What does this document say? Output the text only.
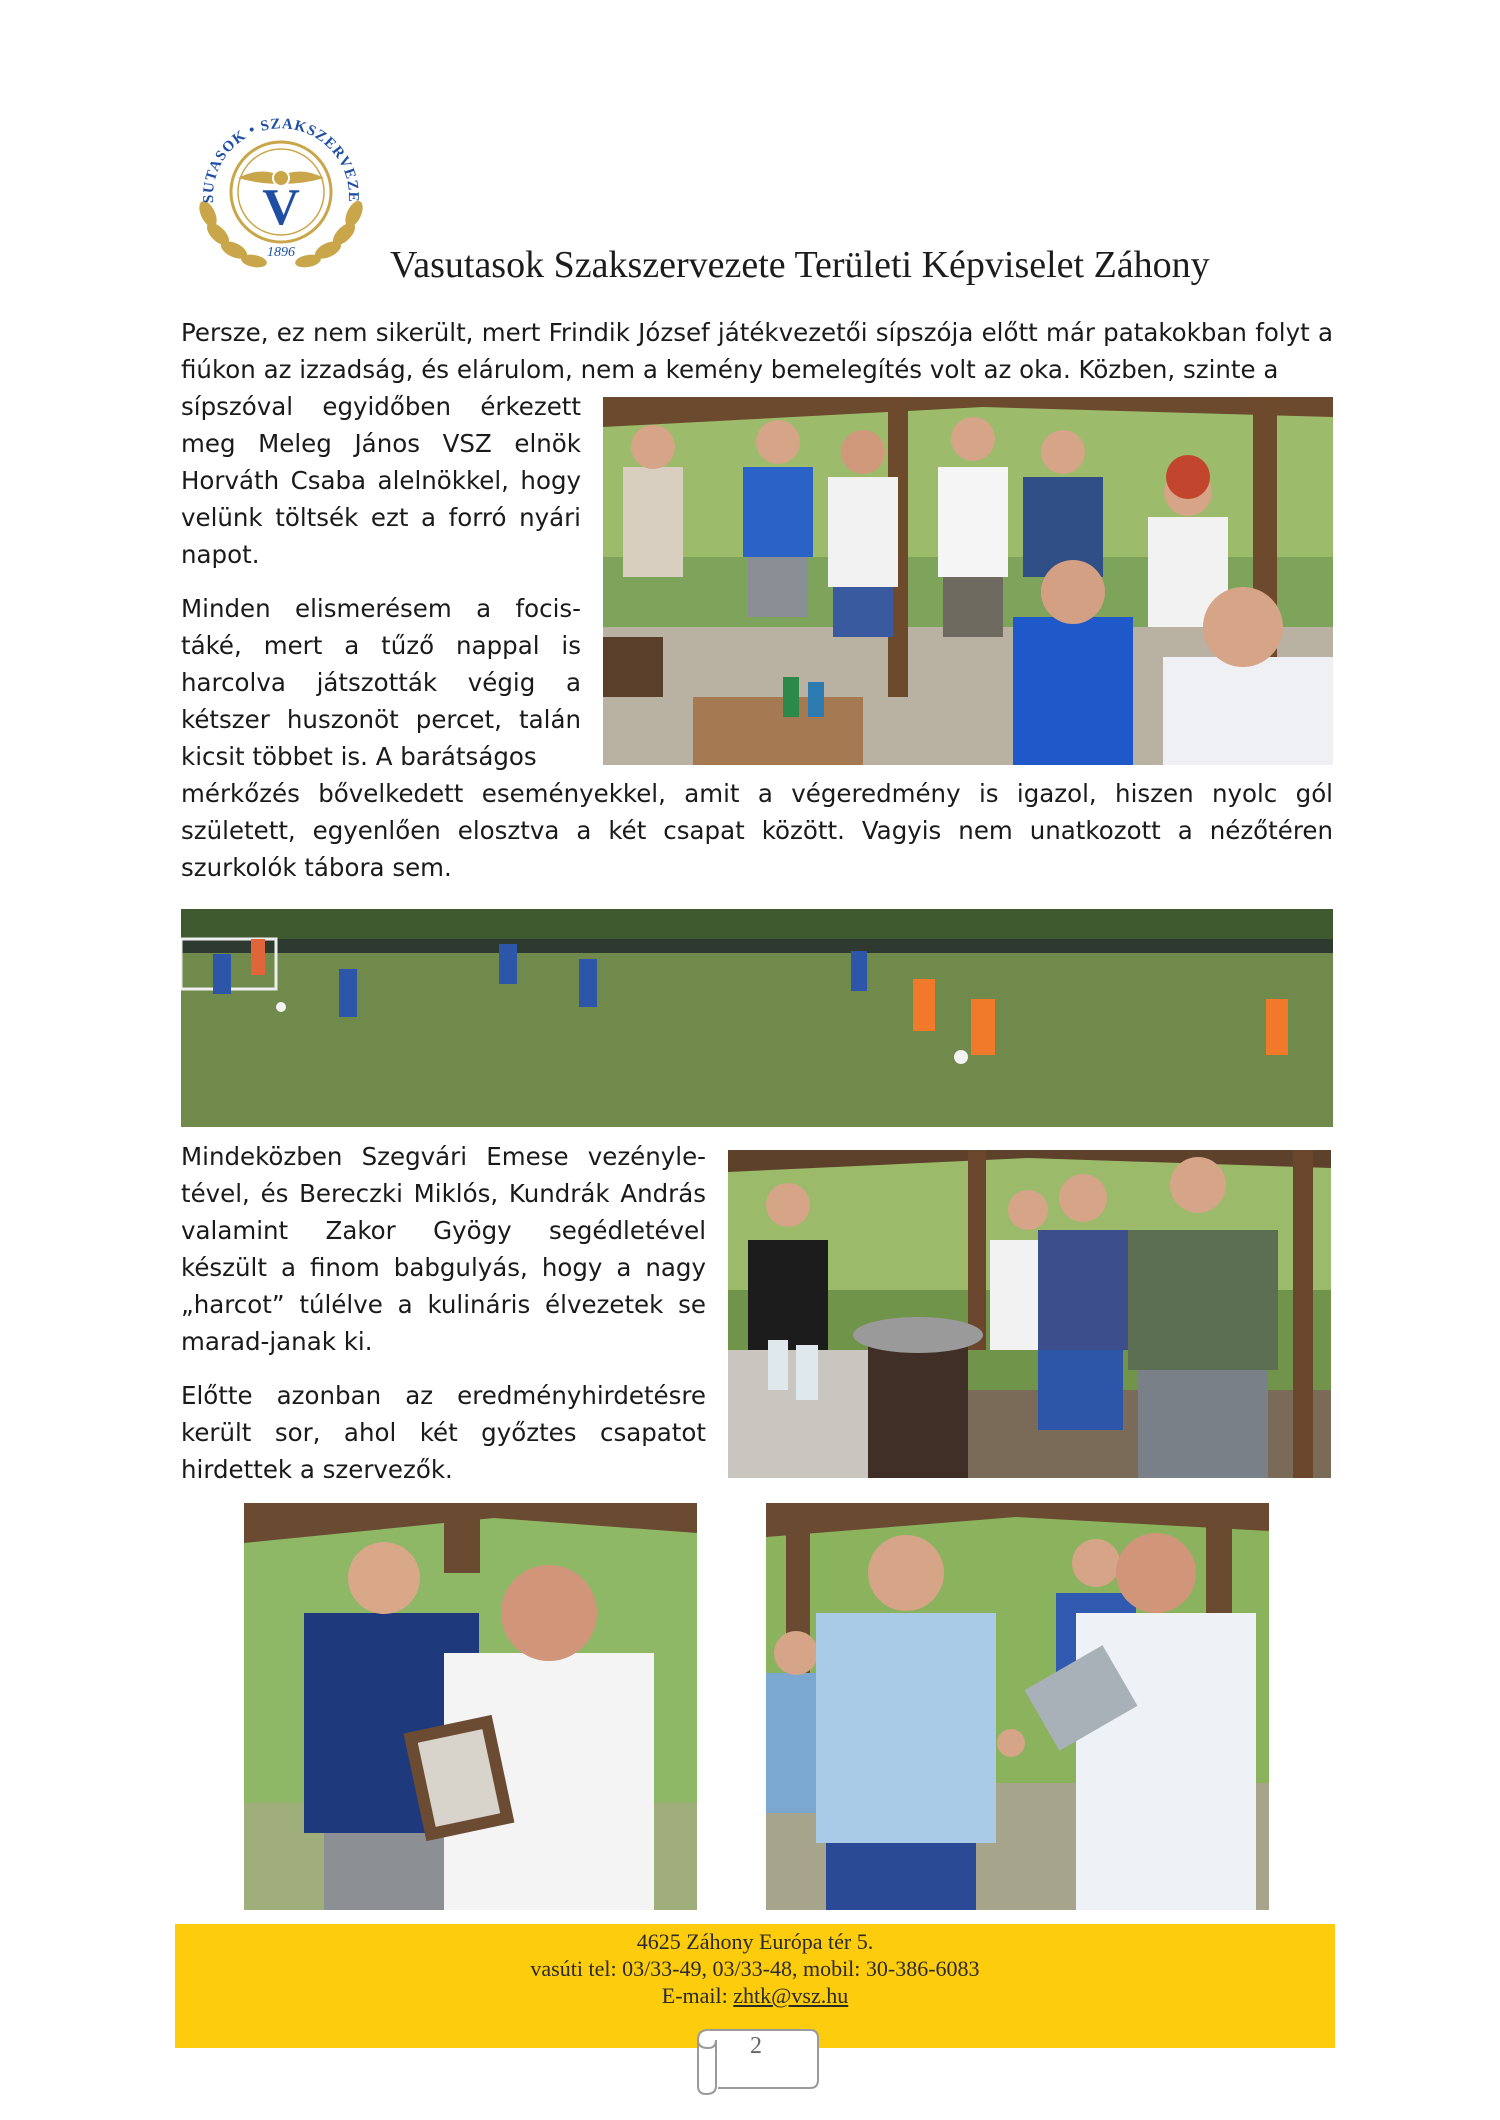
V
SUTASOK • SZAKSZERVEZE
1896	Vasutasok Szakszervezete Területi Képviselet Záhony

Persze, ez nem sikerült, mert Frindik József játékvezetői sípszója előtt már patakokban folyt a fiúkon az izzadság, és elárulom, nem a kemény bemelegítés volt az oka. Közben, szinte a

sípszóval egyidőben érkezett meg Meleg János VSZ elnök Horváth Csaba alelnökkel, hogy velünk töltsék ezt a forró nyári napot.

Minden elismerésem a focis-táké, mert a tűző nappal is harcolva játszották végig a kétszer huszonöt percet, talán kicsit többet is. A barátságos

mérkőzés bővelkedett eseményekkel, amit a végeredmény is igazol, hiszen nyolc gól született, egyenlően elosztva a két csapat között. Vagyis nem unatkozott a nézőtéren szurkolók tábora sem.

Mindeközben Szegvári Emese vezényle-tével, és Bereczki Miklós, Kundrák András valamint Zakor Gyögy segédletével készült a finom babgulyás, hogy a nagy „harcot” túlélve a kulináris élvezetek se marad-janak ki.

Előtte azonban az eredményhirdetésre került sor, ahol két győztes csapatot hirdettek a szervezők.

4625 Záhony Európa tér 5.
vasúti tel: 03/33-49, 03/33-48, mobil: 30-386-6083
E-mail: zhtk@vsz.hu
2
